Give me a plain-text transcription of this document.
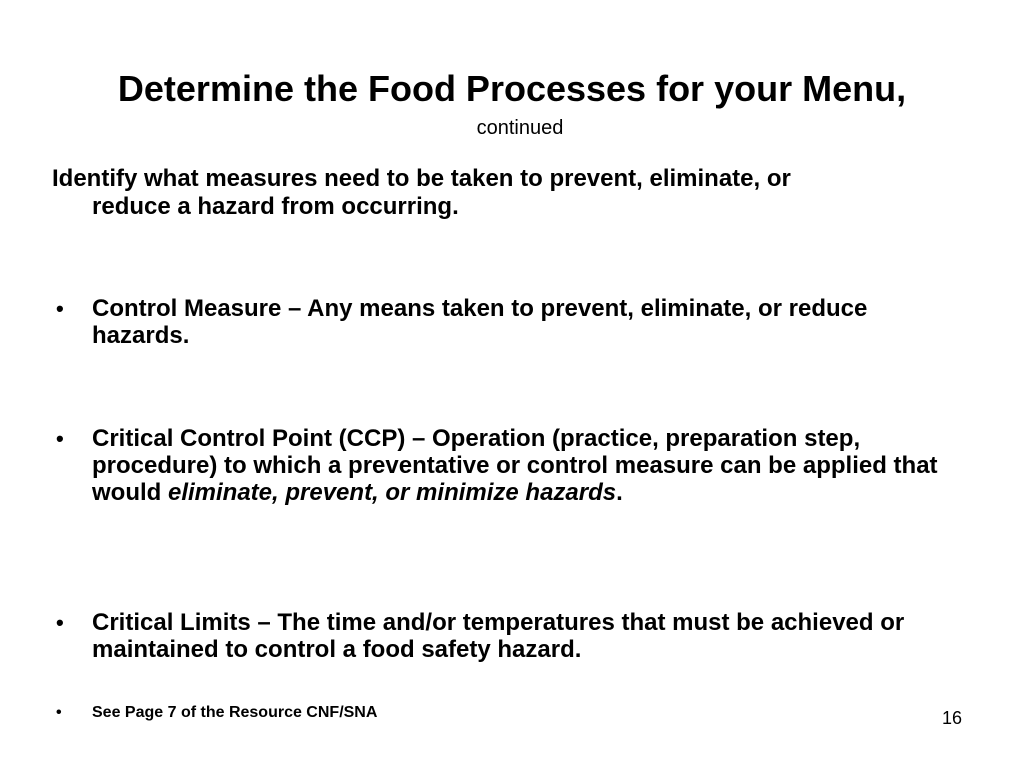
Determine the Food Processes for your Menu,
continued
Identify what measures need to be taken to prevent, eliminate, or
reduce a hazard from occurring.
• Control Measure – Any means taken to prevent, eliminate, or reduce hazards.
• Critical Control Point (CCP) – Operation (practice, preparation step, procedure) to which a preventative or control measure can be applied that would eliminate, prevent, or minimize hazards.
• Critical Limits – The time and/or temperatures that must be achieved or maintained to control a food safety hazard.
• See Page 7 of the Resource CNF/SNA	16
